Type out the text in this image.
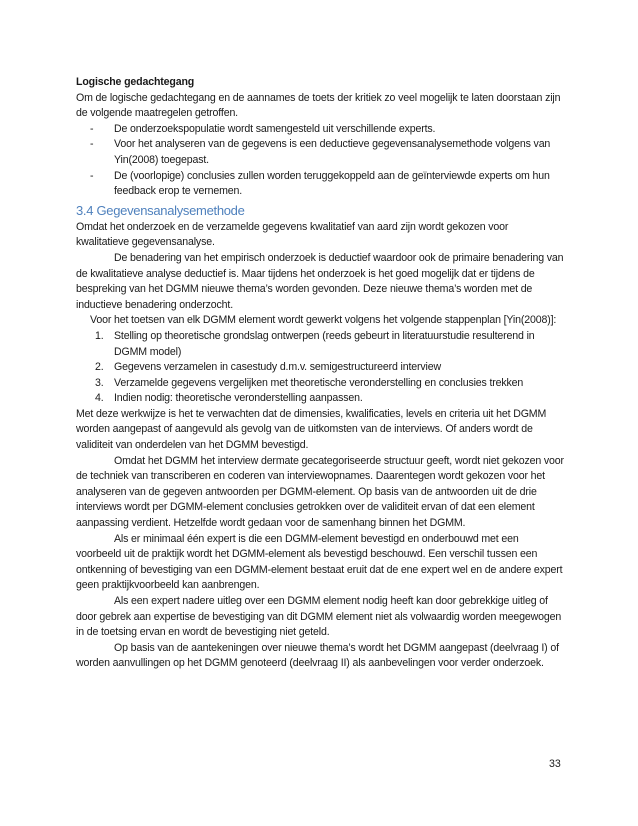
Logische gedachtegang

Om de logische gedachtegang en de aannames de toets der kritiek zo veel mogelijk te laten doorstaan zijn de volgende maatregelen getroffen.

- De onderzoekspopulatie wordt samengesteld uit verschillende experts.
- Voor het analyseren van de gegevens is een deductieve gegevensanalysemethode volgens van Yin(2008) toegepast.
- De (voorlopige) conclusies zullen worden teruggekoppeld aan de geïnterviewde experts om hun feedback erop te vernemen.
3.4 Gegevensanalysemethode

Omdat het onderzoek en de verzamelde gegevens kwalitatief van aard zijn wordt gekozen voor kwalitatieve gegevensanalyse.

De benadering van het empirisch onderzoek is deductief waardoor ook de primaire benadering van de kwalitatieve analyse deductief is. Maar tijdens het onderzoek is het goed mogelijk dat er tijdens de bespreking van het DGMM nieuwe thema’s worden gevonden. Deze nieuwe thema’s worden met de inductieve benadering onderzocht.

Voor het toetsen van elk DGMM element wordt gewerkt volgens het volgende stappenplan [Yin(2008)]:

1. Stelling op theoretische grondslag ontwerpen (reeds gebeurt in literatuurstudie resulterend in DGMM model)
2. Gegevens verzamelen in casestudy d.m.v. semigestructureerd interview
3. Verzamelde gegevens vergelijken met theoretische veronderstelling en conclusies trekken
4. Indien nodig: theoretische veronderstelling aanpassen.

Met deze werkwijze is het te verwachten dat de dimensies, kwalificaties, levels en criteria uit het DGMM worden aangepast of aangevuld als gevolg van de uitkomsten van de interviews. Of anders wordt de validiteit van onderdelen van het DGMM bevestigd.

Omdat het DGMM het interview dermate gecategoriseerde structuur geeft, wordt niet gekozen voor de techniek van transcriberen en coderen van interviewopnames. Daarentegen wordt gekozen voor het analyseren van de gegeven antwoorden per DGMM-element. Op basis van de antwoorden uit de drie interviews wordt per DGMM-element conclusies getrokken over de validiteit ervan of dat een element aanpassing verdient. Hetzelfde wordt gedaan voor de samenhang binnen het DGMM.

Als er minimaal één expert is die een DGMM-element bevestigd en onderbouwd met een voorbeeld uit de praktijk wordt het DGMM-element als bevestigd beschouwd. Een verschil tussen een ontkenning of bevestiging van een DGMM-element bestaat eruit dat de ene expert wel en de andere expert geen praktijkvoorbeeld kan aanbrengen.

Als een expert nadere uitleg over een DGMM element nodig heeft kan door gebrekkige uitleg of door gebrek aan expertise de bevestiging van dit DGMM element niet als volwaardig worden meegewogen in de toetsing ervan en wordt de bevestiging niet geteld.

Op basis van de aantekeningen over nieuwe thema’s wordt het DGMM aangepast (deelvraag I) of worden aanvullingen op het DGMM genoteerd (deelvraag II) als aanbevelingen voor verder onderzoek.

33
